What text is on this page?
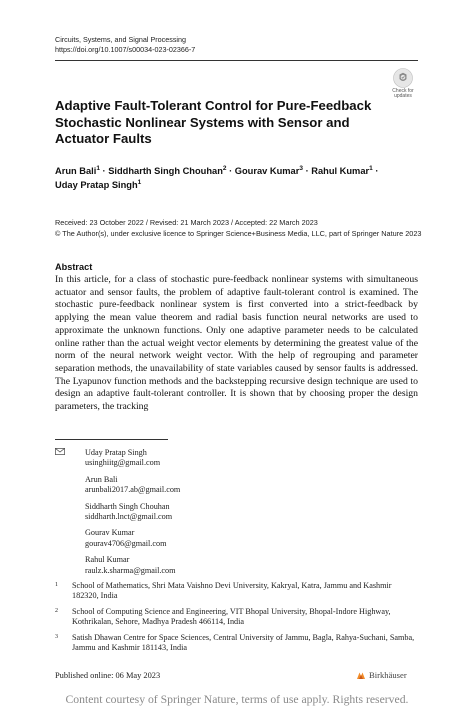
Circuits, Systems, and Signal Processing
https://doi.org/10.1007/s00034-023-02366-7
Check for
updates
Adaptive Fault-Tolerant Control for Pure-Feedback Stochastic Nonlinear Systems with Sensor and Actuator Faults
Arun Bali$^1$ · Siddharth Singh Chouhan$^2$ · Gourav Kumar$^3$ · Rahul Kumar$^1$ ·
Uday Pratap Singh$^1$
Received: 23 October 2022 / Revised: 21 March 2023 / Accepted: 22 March 2023
© The Author(s), under exclusive licence to Springer Science+Business Media, LLC, part of Springer Nature 2023
Abstract
In this article, for a class of stochastic pure-feedback nonlinear systems with simultaneous actuator and sensor faults, the problem of adaptive fault-tolerant control is examined. The stochastic pure-feedback nonlinear system is first converted into a strict-feedback by applying the mean value theorem and radial basis function neural networks are used to approximate the unknown functions. Only one adaptive parameter needs to be calculated online rather than the actual weight vector elements by determining the greatest value of the norm of the neural network weight vector. With the help of regrouping and parameter separation methods, the unavailability of state variables caused by sensor faults is addressed. The Lyapunov function methods and the backstepping recursive design technique are used to design an adaptive fault-tolerant controller. It is shown that by choosing proper the design parameters, the tracking
Uday Pratap Singh
usinghiitg@gmail.com
Arun Bali
arunbali2017.ab@gmail.com
Siddharth Singh Chouhan
siddharth.lnct@gmail.com
Gourav Kumar
gourav4706@gmail.com
Rahul Kumar
raulz.k.sharma@gmail.com
1 School of Mathematics, Shri Mata Vaishno Devi University, Kakryal, Katra, Jammu and Kashmir 182320, India
2 School of Computing Science and Engineering, VIT Bhopal University, Bhopal-Indore Highway, Kothrikalan, Sehore, Madhya Pradesh 466114, India
3 Satish Dhawan Centre for Space Sciences, Central University of Jammu, Bagla, Rahya-Suchani, Samba, Jammu and Kashmir 181143, India
Published online: 06 May 2023	Birkhäuser
Content courtesy of Springer Nature, terms of use apply. Rights reserved.
